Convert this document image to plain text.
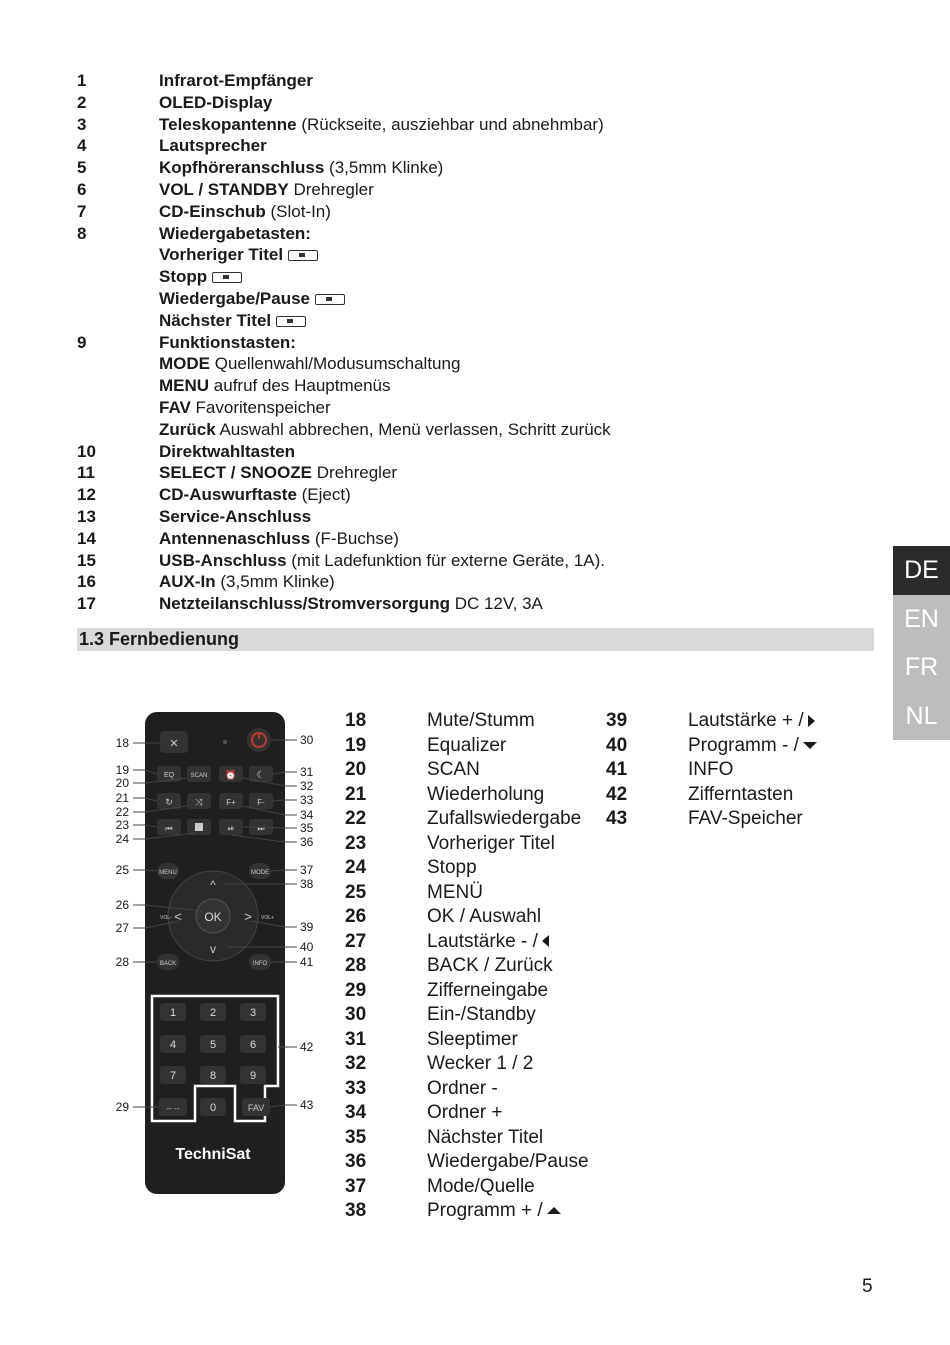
1	Infrarot-Empfänger
2	OLED-Display
3	Teleskopantenne (Rückseite, ausziehbar und abnehmbar)
4	Lautsprecher
5	Kopfhöreranschluss (3,5mm Klinke)
6	VOL / STANDBY Drehregler
7	CD-Einschub (Slot-In)
8	Wiedergabetasten:
Vorheriger Titel
Stopp
Wiedergabe/Pause
Nächster Titel
9	Funktionstasten:
MODE Quellenwahl/Modusumschaltung
MENU aufruf des Hauptmenüs
FAV Favoritenspeicher
Zurück Auswahl abbrechen, Menü verlassen, Schritt zurück
10	Direktwahltasten
11	SELECT / SNOOZE Drehregler
12	CD-Auswurftaste (Eject)
13	Service-Anschluss
14	Antennenaschluss (F-Buchse)
15	USB-Anschluss (mit Ladefunktion für externe Geräte, 1A).
16	AUX-In (3,5mm Klinke)
17	Netzteilanschluss/Stromversorgung DC 12V, 3A
1.3 Fernbedienung
DE
EN
FR
NL
✕
EQ	SCAN ⏰ ☾
↻	⤨	F+	F-
⏮	⏯	⏭
MENU	MODE
OK
^
v
<	>
VOL-	VOL+
BACK	INFO
1	2	3
4	5	6
7	8	9
0
-- --	FAV
TechniSat
18
19
20
21
22
23
24
25
26
27
28
29
30
31
32
33
34
35
36
37
38
39
40
41
42
43
18	Mute/Stumm
19	Equalizer
20	SCAN
21	Wiederholung
22	Zufallswiedergabe
23	Vorheriger Titel
24	Stopp
25	MENÜ
26	OK / Auswahl
27	Lautstärke - /
28	BACK / Zurück
29	Zifferneingabe
30	Ein-/Standby
31	Sleeptimer
32	Wecker 1 / 2
33	Ordner -
34	Ordner +
35	Nächster Titel
36	Wiedergabe/Pause
37	Mode/Quelle
38	Programm + /
39	Lautstärke + /
40	Programm - /
41	INFO
42	Zifferntasten
43	FAV-Speicher
5
